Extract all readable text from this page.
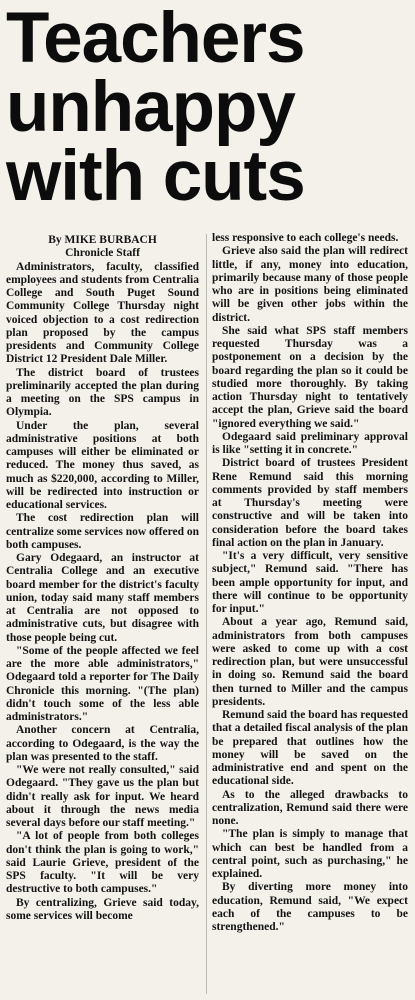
Teachers
unhappy
with cuts

By MIKE BURBACH

Chronicle Staff

Administrators, faculty, classified employees and students from Centralia College and South Puget Sound Community College Thursday night voiced objection to a cost redirection plan proposed by the campus presidents and Community College District 12 President Dale Miller.

The district board of trustees preliminarily accepted the plan during a meeting on the SPS campus in Olympia.

Under the plan, several administrative positions at both campuses will either be eliminated or reduced. The money thus saved, as much as $220,000, according to Miller, will be redirected into instruction or educational services.

The cost redirection plan will centralize some services now offered on both campuses.

Gary Odegaard, an instructor at Centralia College and an executive board member for the district's faculty union, today said many staff members at Centralia are not opposed to administrative cuts, but disagree with those people being cut.

"Some of the people affected we feel are the more able administrators," Odegaard told a reporter for The Daily Chronicle this morning. "(The plan) didn't touch some of the less able administrators."

Another concern at Centralia, according to Odegaard, is the way the plan was presented to the staff.

"We were not really consulted," said Odegaard. "They gave us the plan but didn't really ask for input. We heard about it through the news media several days before our staff meeting."

"A lot of people from both colleges don't think the plan is going to work," said Laurie Grieve, president of the SPS faculty. "It will be very destructive to both campuses."

By centralizing, Grieve said today, some services will become

less responsive to each college's needs.

Grieve also said the plan will redirect little, if any, money into education, primarily because many of those people who are in positions being eliminated will be given other jobs within the district.

She said what SPS staff members requested Thursday was a postponement on a decision by the board regarding the plan so it could be studied more thoroughly. By taking action Thursday night to tentatively accept the plan, Grieve said the board "ignored everything we said."

Odegaard said preliminary approval is like "setting it in concrete."

District board of trustees President Rene Remund said this morning comments provided by staff members at Thursday's meeting were constructive and will be taken into consideration before the board takes final action on the plan in January.

"It's a very difficult, very sensitive subject," Remund said. "There has been ample opportunity for input, and there will continue to be opportunity for input."

About a year ago, Remund said, administrators from both campuses were asked to come up with a cost redirection plan, but were unsuccessful in doing so. Remund said the board then turned to Miller and the campus presidents.

Remund said the board has requested that a detailed fiscal analysis of the plan be prepared that outlines how the money will be saved on the administrative end and spent on the educational side.

As to the alleged drawbacks to centralization, Remund said there were none.

"The plan is simply to manage that which can best be handled from a central point, such as purchasing," he explained.

By diverting more money into education, Remund said, "We expect each of the campuses to be strengthened."
